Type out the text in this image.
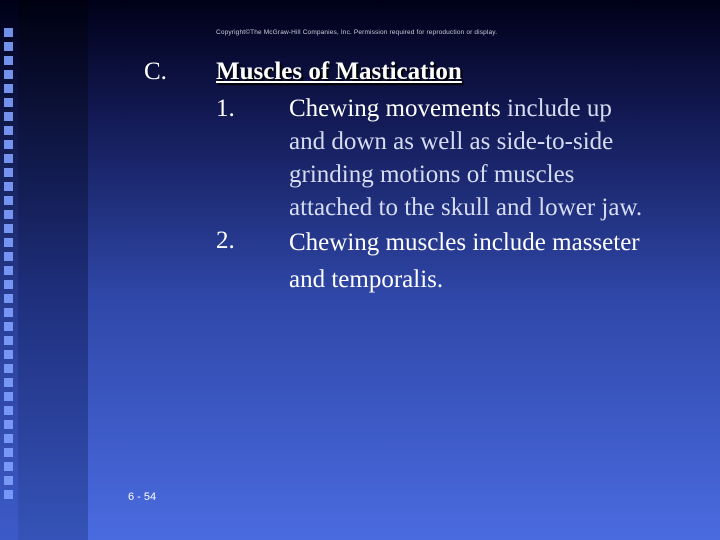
Copyright©The McGraw-Hill Companies, Inc. Permission required for reproduction or display.
C. Muscles of Mastication
1.	Chewing movements include up and down as well as side-to-side grinding motions of muscles attached to the skull and lower jaw.
2.	Chewing muscles include masseter and temporalis.
6 - 54
